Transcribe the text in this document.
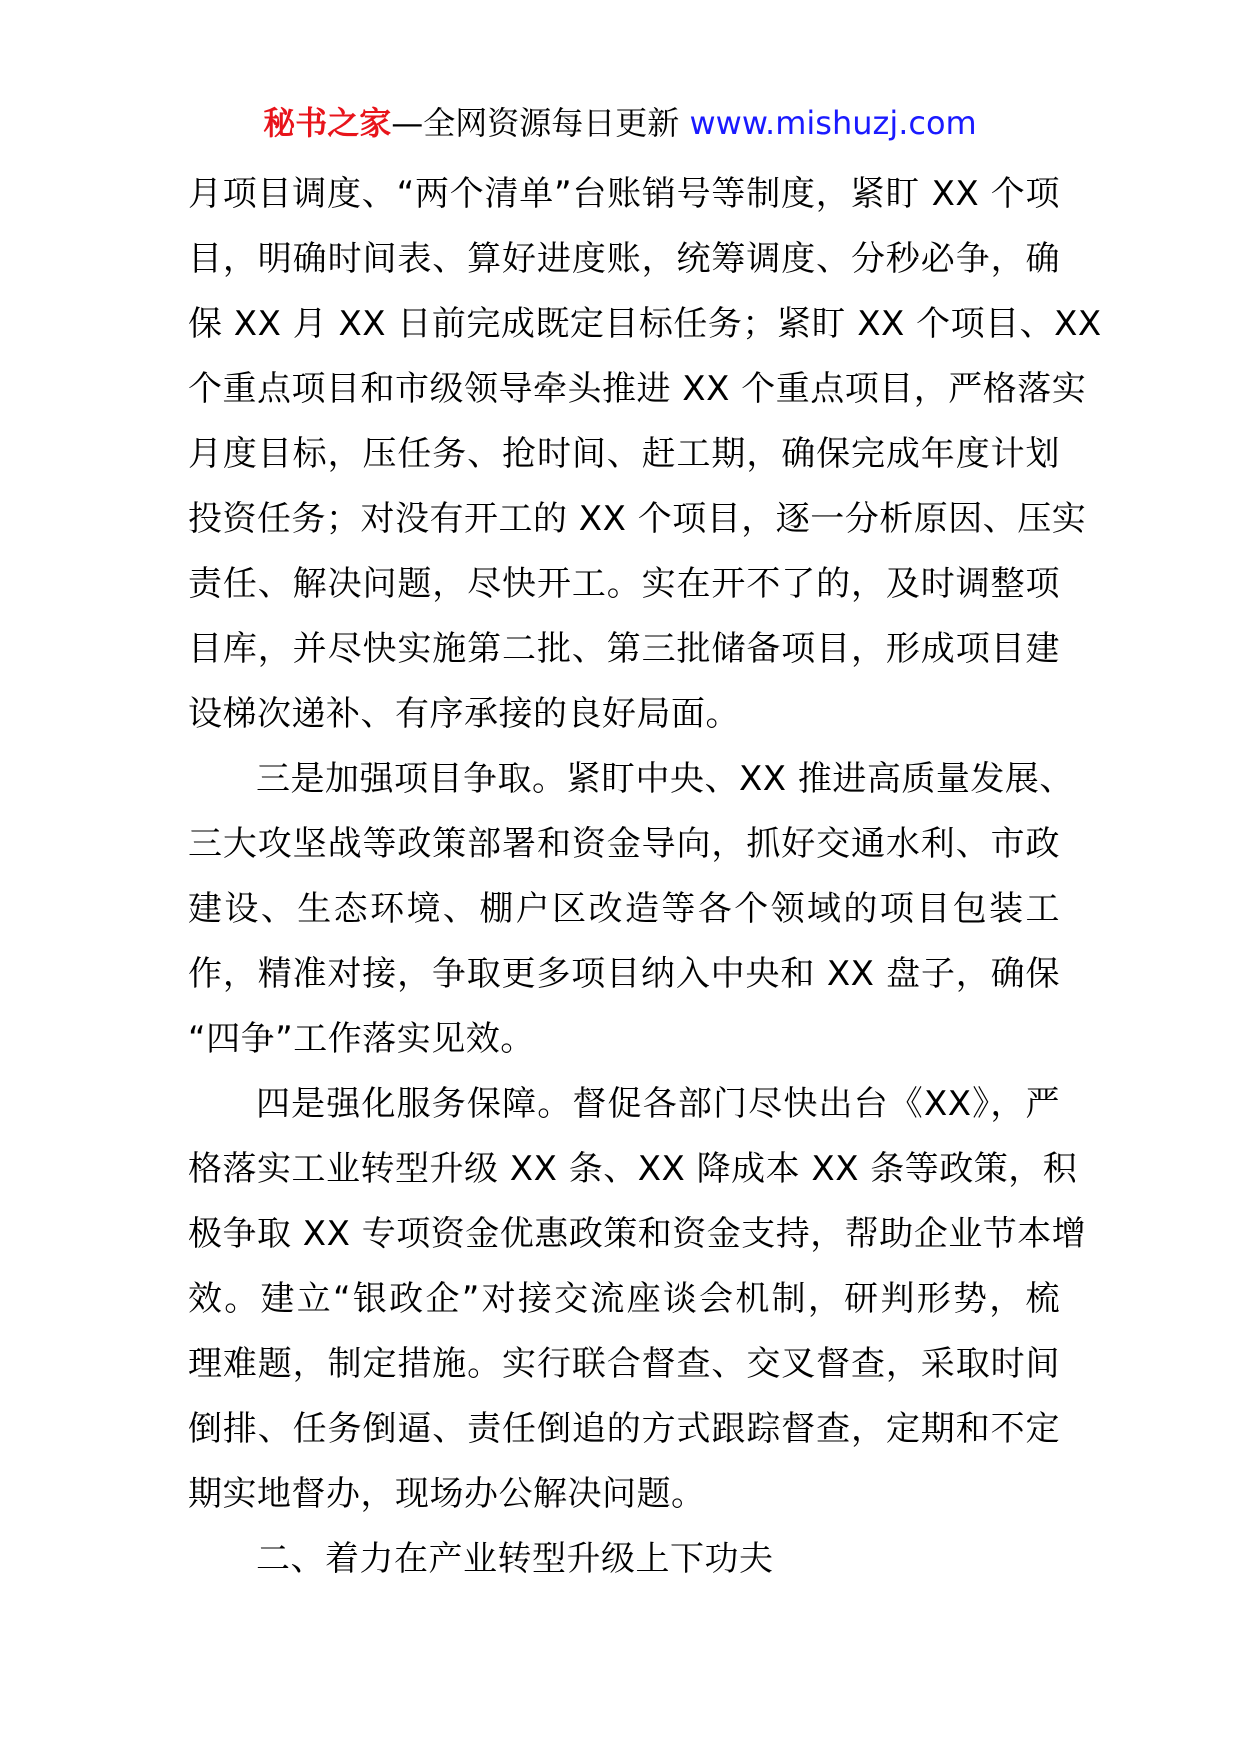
秘书之家—全网资源每日更新 www.mishuzj.com
月项目调度、“两个清单”台账销号等制度，紧盯 XX 个项
目，明确时间表、算好进度账，统筹调度、分秒必争，确
保 XX 月 XX 日前完成既定目标任务；紧盯 XX 个项目、XX
个重点项目和市级领导牵头推进 XX 个重点项目，严格落实
月度目标，压任务、抢时间、赶工期，确保完成年度计划
投资任务；对没有开工的 XX 个项目，逐一分析原因、压实
责任、解决问题，尽快开工。实在开不了的，及时调整项
目库，并尽快实施第二批、第三批储备项目，形成项目建
设梯次递补、有序承接的良好局面。
三是加强项目争取。紧盯中央、XX 推进高质量发展、
三大攻坚战等政策部署和资金导向，抓好交通水利、市政
建设、生态环境、棚户区改造等各个领域的项目包装工
作，精准对接，争取更多项目纳入中央和 XX 盘子，确保
“四争”工作落实见效。
四是强化服务保障。督促各部门尽快出台《XX》，严
格落实工业转型升级 XX 条、XX 降成本 XX 条等政策，积
极争取 XX 专项资金优惠政策和资金支持，帮助企业节本增
效。建立“银政企”对接交流座谈会机制，研判形势，梳
理难题，制定措施。实行联合督查、交叉督查，采取时间
倒排、任务倒逼、责任倒追的方式跟踪督查，定期和不定
期实地督办，现场办公解决问题。
二、着力在产业转型升级上下功夫
